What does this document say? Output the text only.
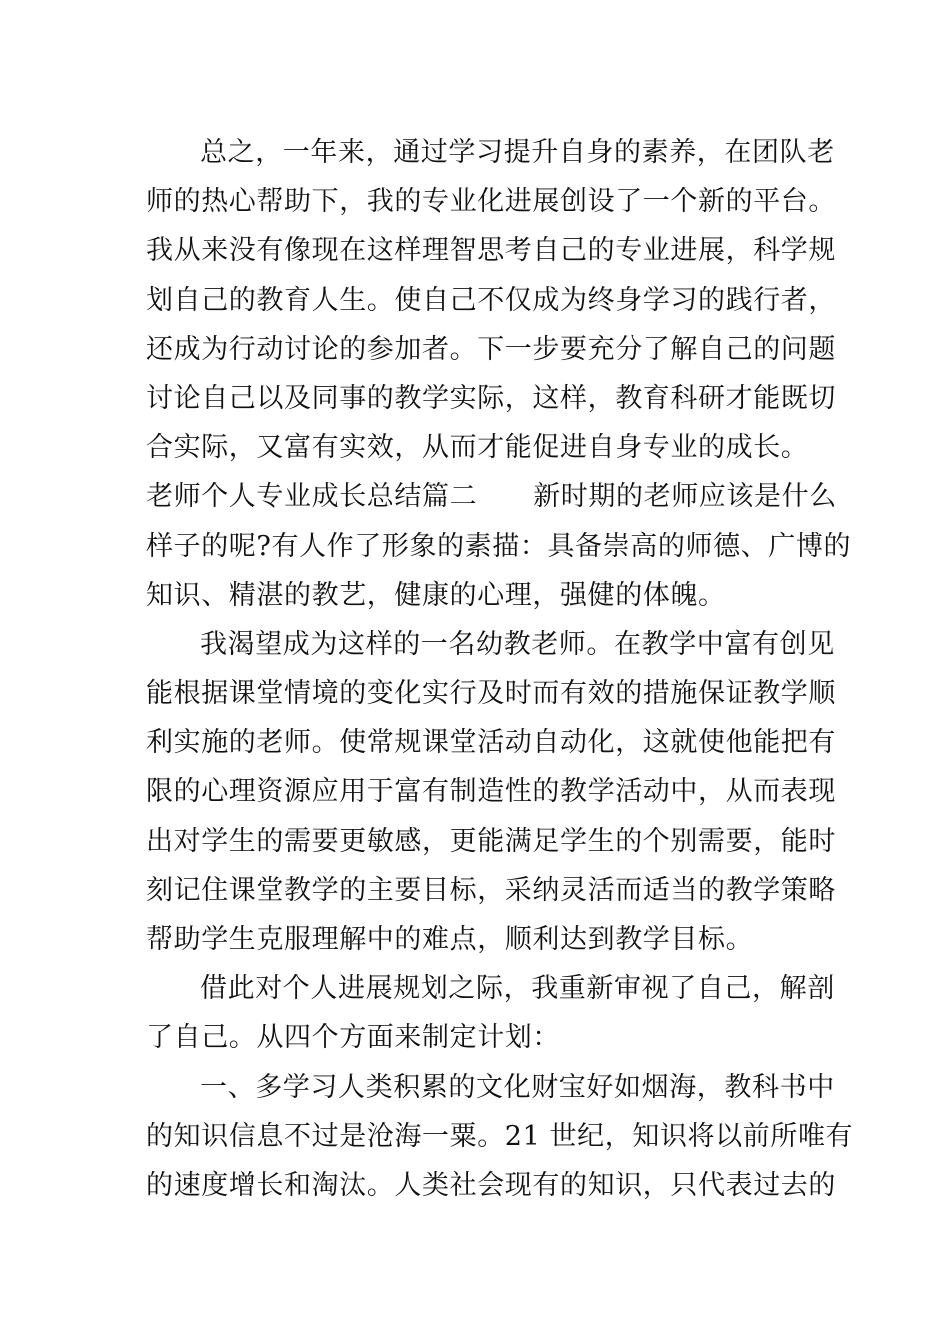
总之，一年来，通过学习提升自身的素养，在团队老
师的热心帮助下，我的专业化进展创设了一个新的平台。
我从来没有像现在这样理智思考自己的专业进展，科学规
划自己的教育人生。使自己不仅成为终身学习的践行者，
还成为行动讨论的参加者。下一步要充分了解自己的问题
讨论自己以及同事的教学实际，这样，教育科研才能既切
合实际，又富有实效，从而才能促进自身专业的成长。
老师个人专业成长总结篇二 新时期的老师应该是什么
样子的呢?有人作了形象的素描：具备崇高的师德、广博的
知识、精湛的教艺，健康的心理，强健的体魄。
我渴望成为这样的一名幼教老师。在教学中富有创见
能根据课堂情境的变化实行及时而有效的措施保证教学顺
利实施的老师。使常规课堂活动自动化，这就使他能把有
限的心理资源应用于富有制造性的教学活动中，从而表现
出对学生的需要更敏感，更能满足学生的个别需要，能时
刻记住课堂教学的主要目标，采纳灵活而适当的教学策略
帮助学生克服理解中的难点，顺利达到教学目标。
借此对个人进展规划之际，我重新审视了自己，解剖
了自己。从四个方面来制定计划：
一、多学习人类积累的文化财宝好如烟海，教科书中
的知识信息不过是沧海一粟。21 世纪，知识将以前所唯有
的速度增长和淘汰。人类社会现有的知识，只代表过去的
